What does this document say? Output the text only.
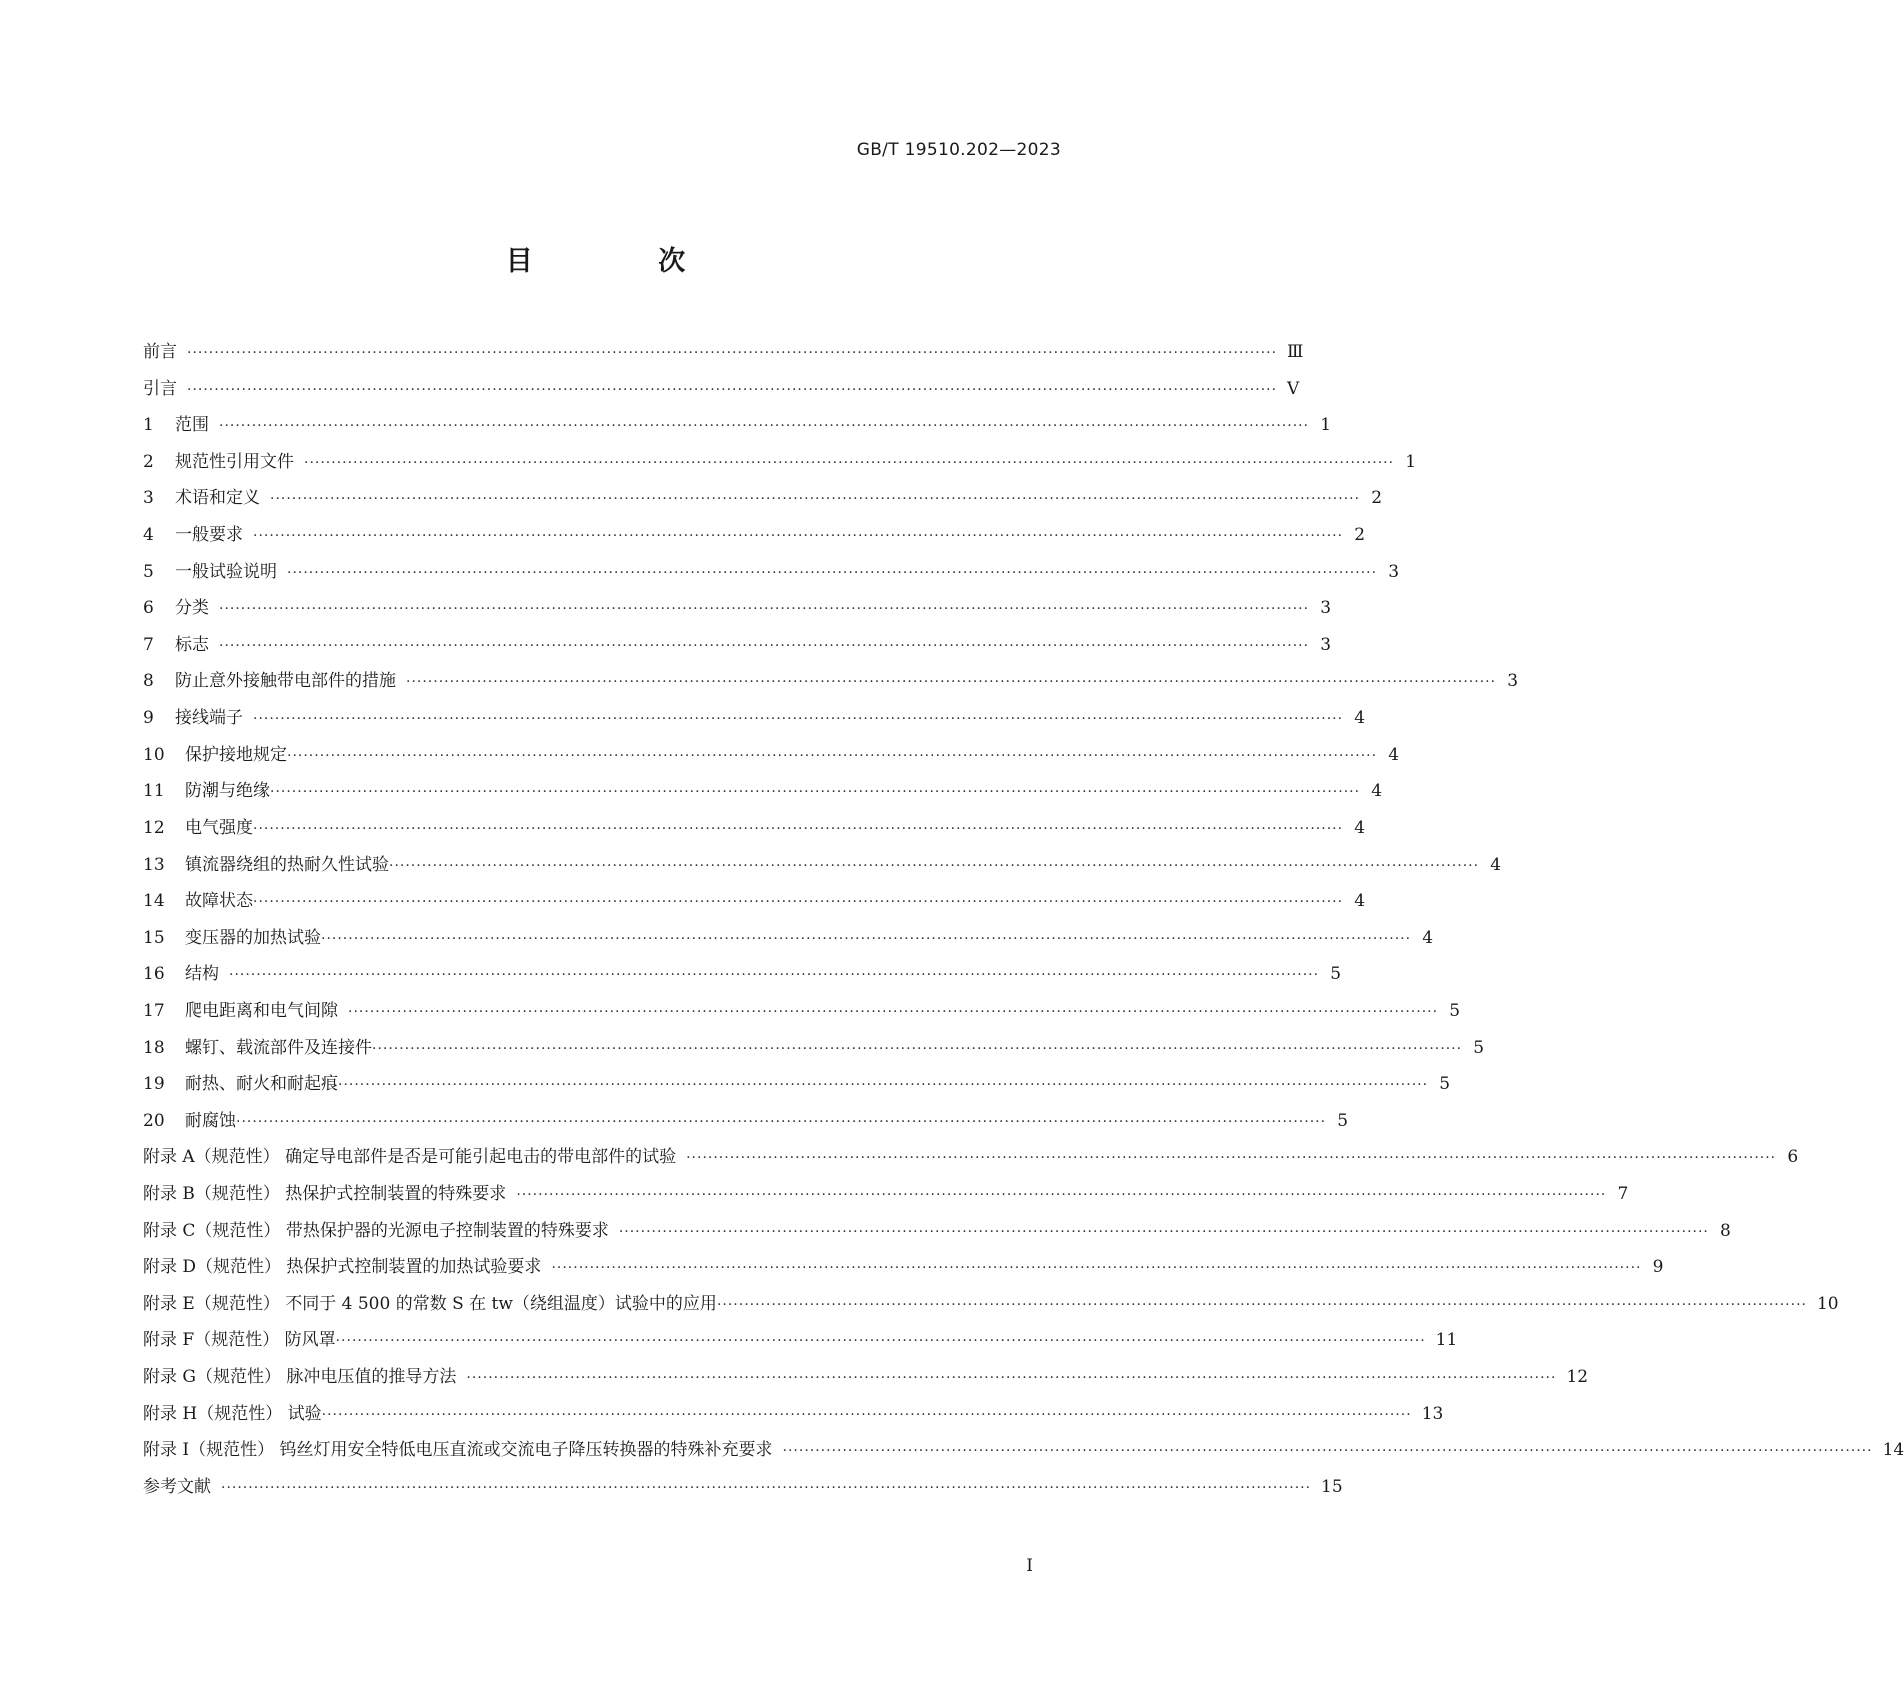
GB/T 19510.202—2023
目 次
前言 ········································································································································································································ Ⅲ
引言 ········································································································································································································ Ⅴ
1	范围 ········································································································································································································ 1
2	规范性引用文件 ········································································································································································································ 1
3	术语和定义 ········································································································································································································ 2
4	一般要求 ········································································································································································································ 2
5	一般试验说明 ········································································································································································································ 3
6	分类 ········································································································································································································ 3
7	标志 ········································································································································································································ 3
8	防止意外接触带电部件的措施 ········································································································································································································ 3
9	接线端子 ········································································································································································································ 4
10	保护接地规定 ········································································································································································································ 4
11	防潮与绝缘 ········································································································································································································ 4
12	电气强度 ········································································································································································································ 4
13	镇流器绕组的热耐久性试验 ········································································································································································································ 4
14	故障状态 ········································································································································································································ 4
15	变压器的加热试验 ········································································································································································································ 4
16	结构 ········································································································································································································ 5
17	爬电距离和电气间隙 ········································································································································································································ 5
18	螺钉、载流部件及连接件 ········································································································································································································ 5
19	耐热、耐火和耐起痕 ········································································································································································································ 5
20	耐腐蚀 ········································································································································································································ 5
附录 A（规范性） 确定导电部件是否是可能引起电击的带电部件的试验 ········································································································································································································ 6
附录 B（规范性） 热保护式控制装置的特殊要求 ········································································································································································································ 7
附录 C（规范性） 带热保护器的光源电子控制装置的特殊要求 ········································································································································································································ 8
附录 D（规范性） 热保护式控制装置的加热试验要求 ········································································································································································································ 9
附录 E（规范性） 不同于 4 500 的常数 S 在 tw（绕组温度）试验中的应用 ········································································································································································································ 10
附录 F（规范性） 防风罩 ········································································································································································································ 11
附录 G（规范性） 脉冲电压值的推导方法 ········································································································································································································ 12
附录 H（规范性） 试验 ········································································································································································································ 13
附录 I（规范性） 钨丝灯用安全特低电压直流或交流电子降压转换器的特殊补充要求 ········································································································································································································ 14
参考文献 ········································································································································································································ 15
Ⅰ
